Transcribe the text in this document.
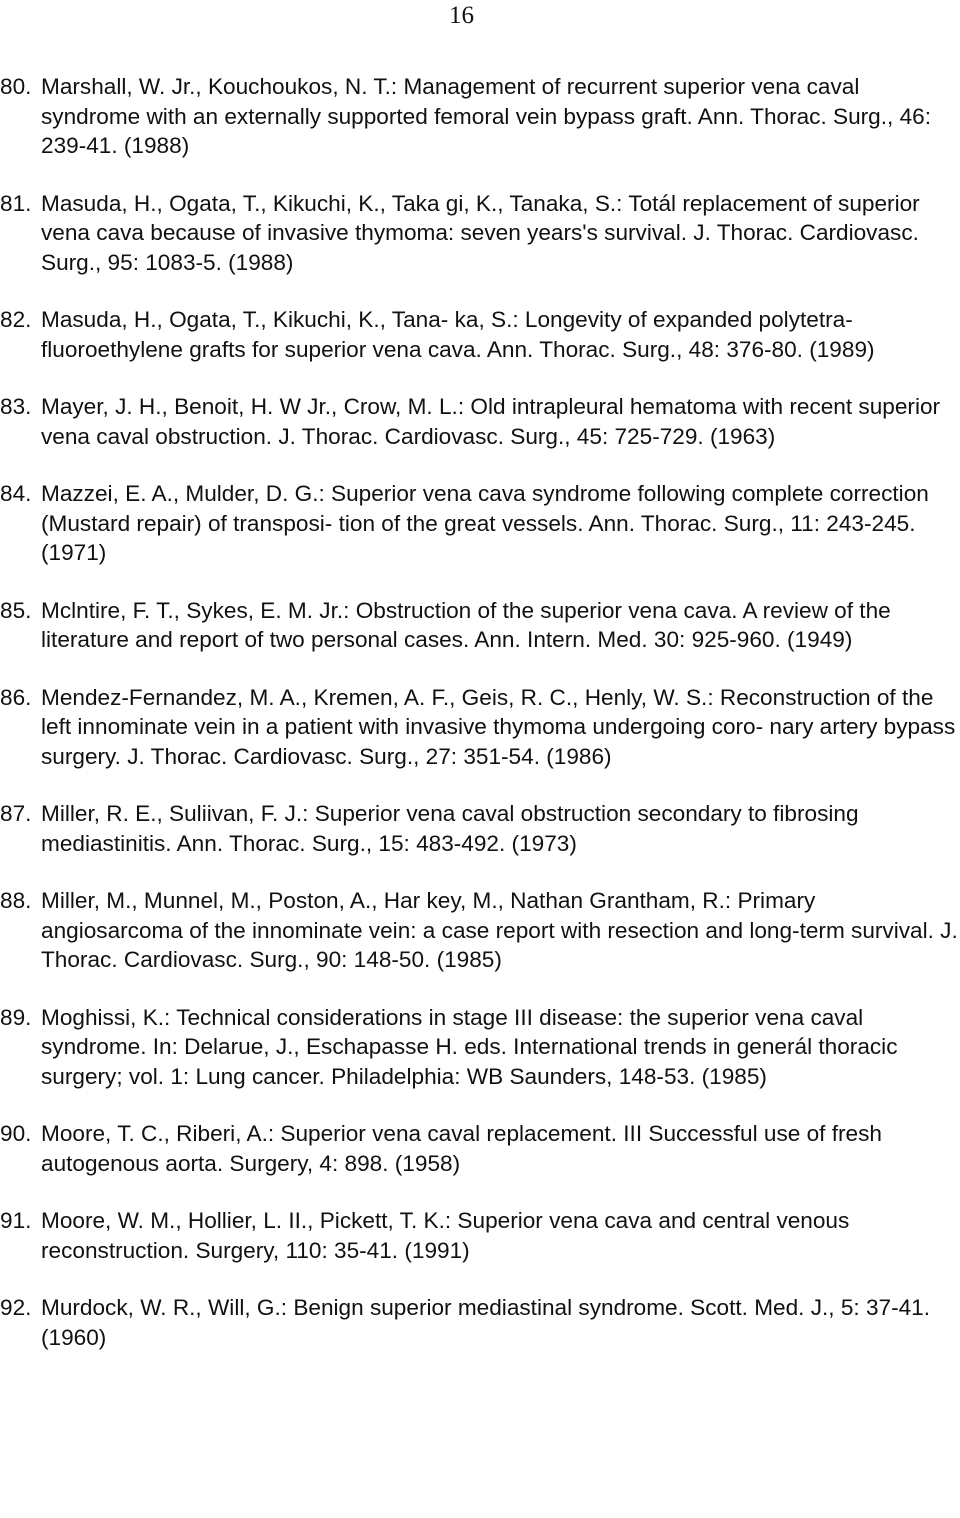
16
80. Marshall, W. Jr., Kouchoukos, N. T.: Management of recurrent superior vena caval syndrome with an externally supported femoral vein bypass graft. Ann. Thorac. Surg., 46: 239-41. (1988)
81. Masuda, H., Ogata, T., Kikuchi, K., Taka gi, K., Tanaka, S.: Totál replacement of superior vena cava because of invasive thymoma: seven years's survival. J. Thorac. Cardiovasc. Surg., 95: 1083-5. (1988)
82. Masuda, H., Ogata, T., Kikuchi, K., Tana- ka, S.: Longevity of expanded polytetra- fluoroethylene grafts for superior vena cava. Ann. Thorac. Surg., 48: 376-80. (1989)
83. Mayer, J. H., Benoit, H. W Jr., Crow, M. L.: Old intrapleural hematoma with recent superior vena caval obstruction. J. Thorac. Cardiovasc. Surg., 45: 725-729. (1963)
84. Mazzei, E. A., Mulder, D. G.: Superior vena cava syndrome following complete correction (Mustard repair) of transposi- tion of the great vessels. Ann. Thorac. Surg., 11: 243-245. (1971)
85. Mclntire, F. T., Sykes, E. M. Jr.: Obstruction of the superior vena cava. A review of the literature and report of two personal cases. Ann. Intern. Med. 30: 925-960. (1949)
86. Mendez-Fernandez, M. A., Kremen, A. F., Geis, R. C., Henly, W. S.: Reconstruction of the left innominate vein in a patient with invasive thymoma undergoing coro- nary artery bypass surgery. J. Thorac. Cardiovasc. Surg., 27: 351-54. (1986)
87. Miller, R. E., Suliivan, F. J.: Superior vena caval obstruction secondary to fibrosing mediastinitis. Ann. Thorac. Surg., 15: 483-492. (1973)
88. Miller, M., Munnel, M., Poston, A., Har key, M., Nathan Grantham, R.: Primary angiosarcoma of the innominate vein: a case report with resection and long-term survival. J. Thorac. Cardiovasc. Surg., 90: 148-50. (1985)
89. Moghissi, K.: Technical considerations in stage III disease: the superior vena caval syndrome. In: Delarue, J., Eschapasse H. eds. International trends in generál thoracic surgery; vol. 1: Lung cancer. Philadelphia: WB Saunders, 148-53. (1985)
90. Moore, T. C., Riberi, A.: Superior vena caval replacement. III Successful use of fresh autogenous aorta. Surgery, 4: 898. (1958)
91. Moore, W. M., Hollier, L. II., Pickett, T. K.: Superior vena cava and central venous reconstruction. Surgery, 110: 35-41. (1991)
92. Murdock, W. R., Will, G.: Benign superior mediastinal syndrome. Scott. Med. J., 5: 37-41. (1960)
